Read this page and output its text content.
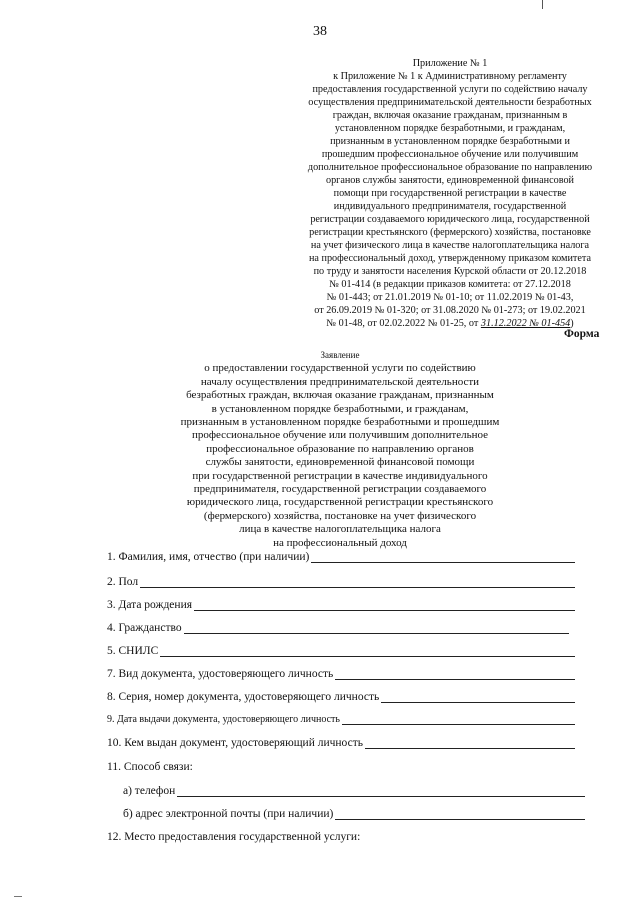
38
Приложение № 1
к Приложение № 1 к Административному регламенту
предоставления государственной услуги по содействию началу
осуществления предпринимательской деятельности безработных
граждан, включая оказание гражданам, признанным в
установленном порядке безработными, и гражданам,
признанным в установленном порядке безработными и
прошедшим профессиональное обучение или получившим
дополнительное профессиональное образование по направлению
органов службы занятости, единовременной финансовой
помощи при государственной регистрации в качестве
индивидуального предпринимателя, государственной
регистрации создаваемого юридического лица, государственной
регистрации крестьянского (фермерского) хозяйства, постановке
на учет физического лица в качестве налогоплательщика налога
на профессиональный доход, утвержденному приказом комитета
по труду и занятости населения Курской области от 20.12.2018
№ 01-414 (в редакции приказов комитета: от 27.12.2018
№ 01-443; от 21.01.2019 № 01-10; от 11.02.2019 № 01-43,
от 26.09.2019 № 01-320; от 31.08.2020 № 01-273; от 19.02.2021
№ 01-48, от 02.02.2022 № 01-25, от 31.12.2022 № 01-454)
Форма
Заявление
о предоставлении государственной услуги по содействию
началу осуществления предпринимательской деятельности
безработных граждан, включая оказание гражданам, признанным
в установленном порядке безработными, и гражданам,
признанным в установленном порядке безработными и прошедшим
профессиональное обучение или получившим дополнительное
профессиональное образование по направлению органов
службы занятости, единовременной финансовой помощи
при государственной регистрации в качестве индивидуального
предпринимателя, государственной регистрации создаваемого
юридического лица, государственной регистрации крестьянского
(фермерского) хозяйства, постановке на учет физического
лица в качестве налогоплательщика налога
на профессиональный доход
1. Фамилия, имя, отчество (при наличии)
2. Пол
3. Дата рождения
4. Гражданство
5. СНИЛС
7. Вид документа, удостоверяющего личность
8. Серия, номер документа, удостоверяющего личность
9. Дата выдачи документа, удостоверяющего личность
10. Кем выдан документ, удостоверяющий личность
11. Способ связи:
а) телефон
б) адрес электронной почты (при наличии)
12. Место предоставления государственной услуги:
